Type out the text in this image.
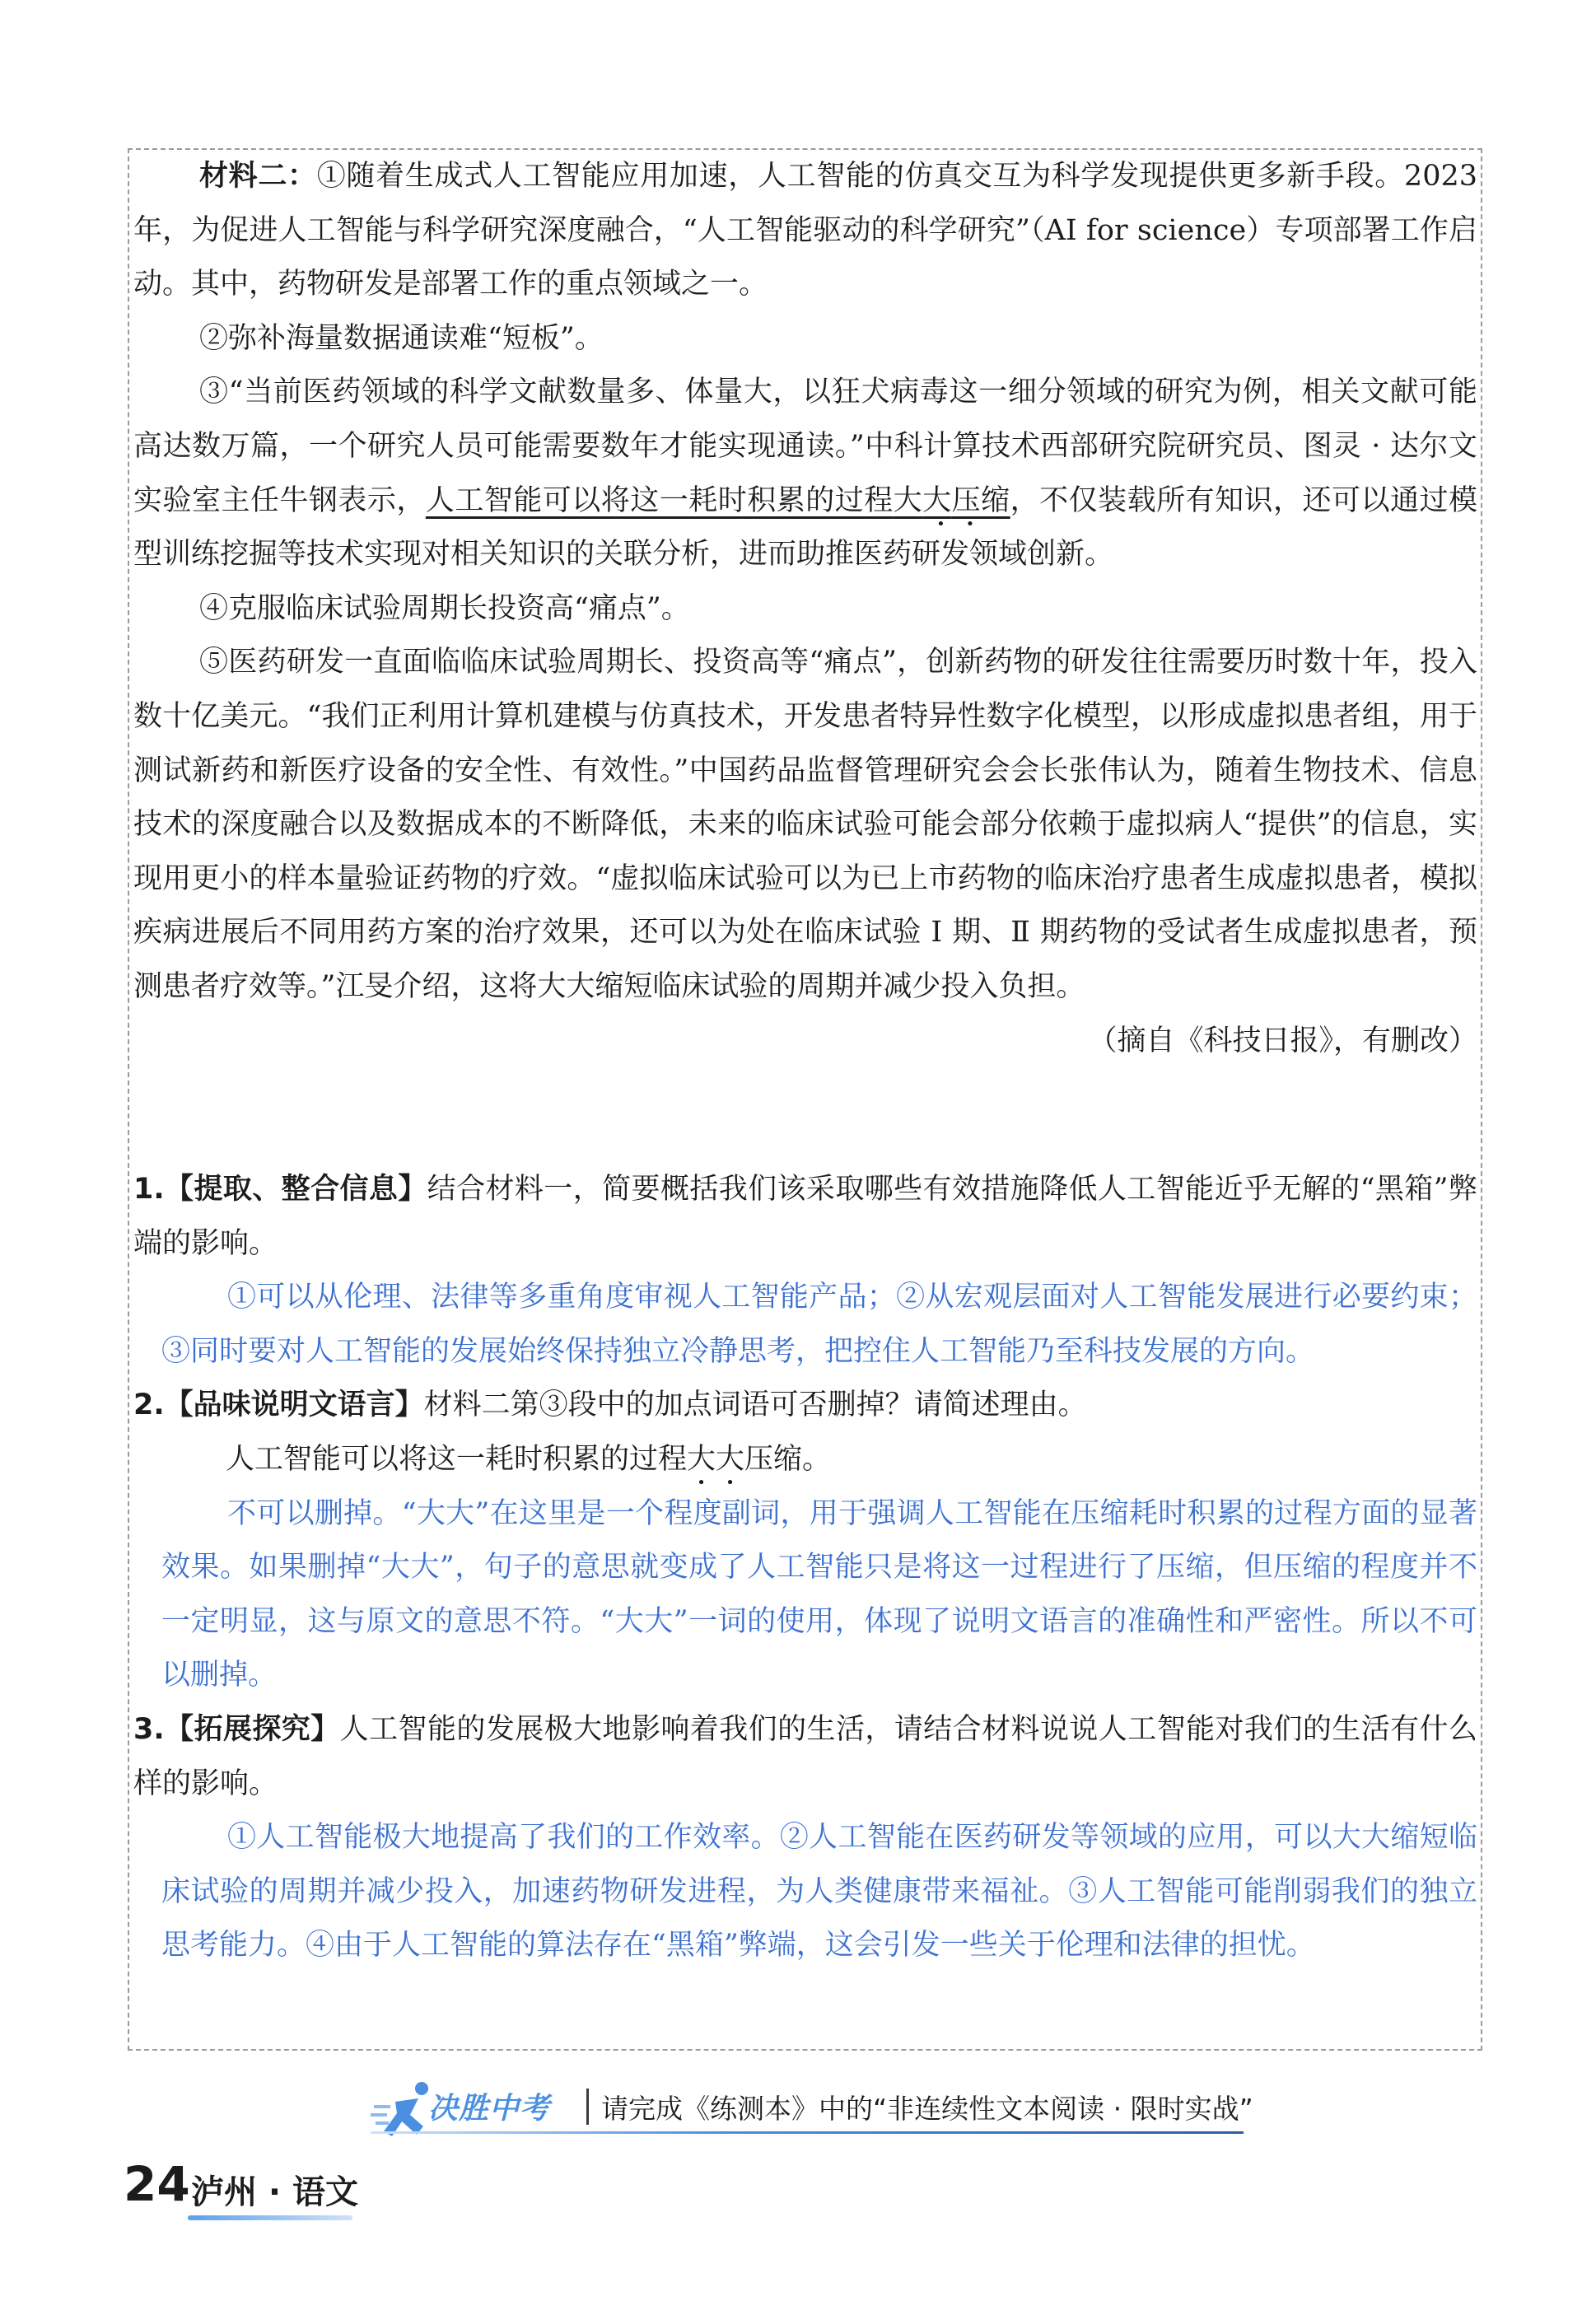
材料二：①随着生成式人工智能应用加速，人工智能的仿真交互为科学发现提供更多新手段。2023 年，为促进人工智能与科学研究深度融合，“人工智能驱动的科学研究”（AI for science）专项部署工作启动。其中，药物研发是部署工作的重点领域之一。

②弥补海量数据通读难“短板”。

③“当前医药领域的科学文献数量多、体量大，以狂犬病毒这一细分领域的研究为例，相关文献可能高达数万篇，一个研究人员可能需要数年才能实现通读。”中科计算技术西部研究院研究员、图灵 · 达尔文实验室主任牛钢表示，人工智能可以将这一耗时积累的过程大大压缩，不仅装载所有知识，还可以通过模型训练挖掘等技术实现对相关知识的关联分析，进而助推医药研发领域创新。

④克服临床试验周期长投资高“痛点”。

⑤医药研发一直面临临床试验周期长、投资高等“痛点”，创新药物的研发往往需要历时数十年，投入数十亿美元。“我们正利用计算机建模与仿真技术，开发患者特异性数字化模型，以形成虚拟患者组，用于测试新药和新医疗设备的安全性、有效性。”中国药品监督管理研究会会长张伟认为，随着生物技术、信息技术的深度融合以及数据成本的不断降低，未来的临床试验可能会部分依赖于虚拟病人“提供”的信息，实现用更小的样本量验证药物的疗效。“虚拟临床试验可以为已上市药物的临床治疗患者生成虚拟患者，模拟疾病进展后不同用药方案的治疗效果，还可以为处在临床试验 Ⅰ 期、Ⅱ 期药物的受试者生成虚拟患者，预测患者疗效等。”江旻介绍，这将大大缩短临床试验的周期并减少投入负担。

（摘自《科技日报》，有删改）

1.【提取、整合信息】结合材料一，简要概括我们该采取哪些有效措施降低人工智能近乎无解的“黑箱”弊端的影响。

①可以从伦理、法律等多重角度审视人工智能产品；②从宏观层面对人工智能发展进行必要约束；③同时要对人工智能的发展始终保持独立冷静思考，把控住人工智能乃至科技发展的方向。

2.【品味说明文语言】材料二第③段中的加点词语可否删掉？请简述理由。

人工智能可以将这一耗时积累的过程大大压缩。

不可以删掉。“大大”在这里是一个程度副词，用于强调人工智能在压缩耗时积累的过程方面的显著效果。如果删掉“大大”，句子的意思就变成了人工智能只是将这一过程进行了压缩，但压缩的程度并不一定明显，这与原文的意思不符。“大大”一词的使用，体现了说明文语言的准确性和严密性。所以不可以删掉。

3.【拓展探究】人工智能的发展极大地影响着我们的生活，请结合材料说说人工智能对我们的生活有什么样的影响。

①人工智能极大地提高了我们的工作效率。②人工智能在医药研发等领域的应用，可以大大缩短临床试验的周期并减少投入，加速药物研发进程，为人类健康带来福祉。③人工智能可能削弱我们的独立思考能力。④由于人工智能的算法存在“黑箱”弊端，这会引发一些关于伦理和法律的担忧。

决胜中考 请完成《练测本》中的“非连续性文本阅读 · 限时实战”
24 泸州 · 语文
